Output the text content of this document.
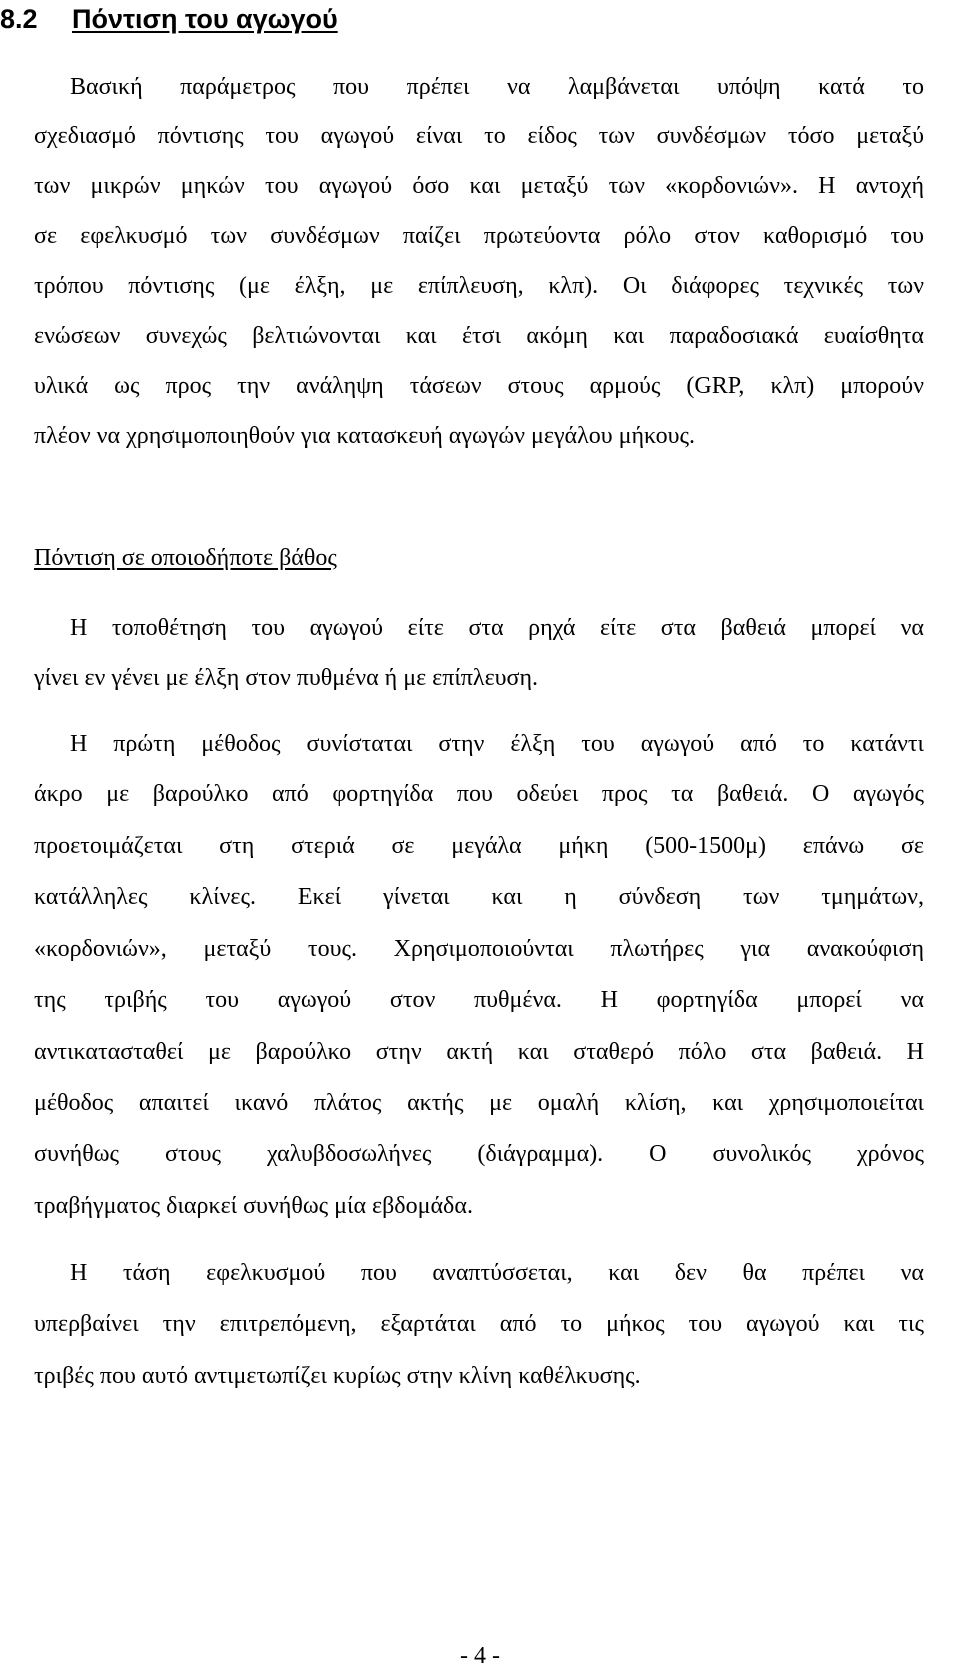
8.2 Πόντιση του αγωγού
Βασική παράμετρος που πρέπει να λαμβάνεται υπόψη κατά το
σχεδιασμό πόντισης του αγωγού είναι το είδος των συνδέσμων τόσο μεταξύ
των μικρών μηκών του αγωγού όσο και μεταξύ των «κορδονιών». Η αντοχή
σε εφελκυσμό των συνδέσμων παίζει πρωτεύοντα ρόλο στον καθορισμό του
τρόπου πόντισης (με έλξη, με επίπλευση, κλπ). Οι διάφορες τεχνικές των
ενώσεων συνεχώς βελτιώνονται και έτσι ακόμη και παραδοσιακά ευαίσθητα
υλικά ως προς την ανάληψη τάσεων στους αρμούς (GRP, κλπ) μπορούν
πλέον να χρησιμοποιηθούν για κατασκευή αγωγών μεγάλου μήκους.
Πόντιση σε οποιοδήποτε βάθος
Η τοποθέτηση του αγωγού είτε στα ρηχά είτε στα βαθειά μπορεί να
γίνει εν γένει με έλξη στον πυθμένα ή με επίπλευση.
Η πρώτη μέθοδος συνίσταται στην έλξη του αγωγού από το κατάντι
άκρο με βαρούλκο από φορτηγίδα που οδεύει προς τα βαθειά. Ο αγωγός
προετοιμάζεται στη στεριά σε μεγάλα μήκη (500-1500μ) επάνω σε
κατάλληλες κλίνες. Εκεί γίνεται και η σύνδεση των τμημάτων,
«κορδονιών», μεταξύ τους. Χρησιμοποιούνται πλωτήρες για ανακούφιση
της τριβής του αγωγού στον πυθμένα. Η φορτηγίδα μπορεί να
αντικατασταθεί με βαρούλκο στην ακτή και σταθερό πόλο στα βαθειά. Η
μέθοδος απαιτεί ικανό πλάτος ακτής με ομαλή κλίση, και χρησιμοποιείται
συνήθως στους χαλυβδοσωλήνες (διάγραμμα). Ο συνολικός χρόνος
τραβήγματος διαρκεί συνήθως μία εβδομάδα.
Η τάση εφελκυσμού που αναπτύσσεται, και δεν θα πρέπει να
υπερβαίνει την επιτρεπόμενη, εξαρτάται από το μήκος του αγωγού και τις
τριβές που αυτό αντιμετωπίζει κυρίως στην κλίνη καθέλκυσης.
- 4 -
